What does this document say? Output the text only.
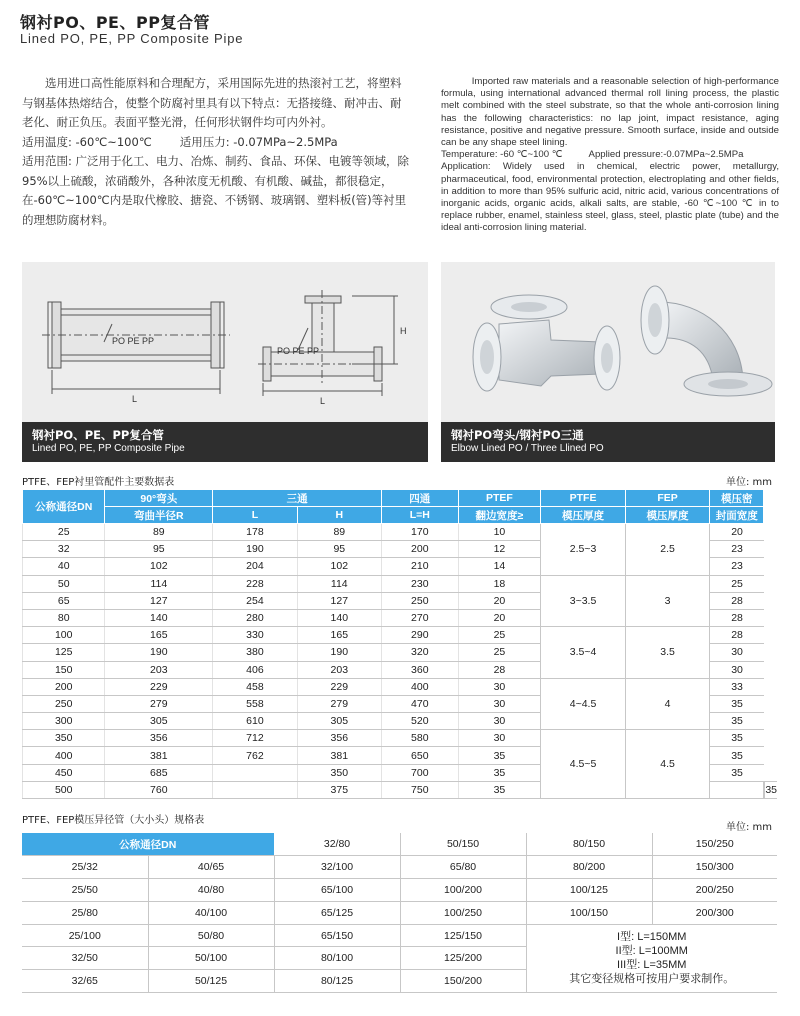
钢衬PO、PE、PP复合管
Lined PO, PE, PP Composite Pipe

选用进口高性能原料和合理配方，采用国际先进的热滚衬工艺，将塑料与钢基体热熔结合，使整个防腐衬里具有以下特点：无搭接缝、耐冲击、耐老化、耐正负压。表面平整光滑，任何形状钢件均可内外衬。

适用温度: -60℃~100℃ 适用压力: -0.07MPa~2.5MPa

适用范围: 广泛用于化工、电力、冶炼、制药、食品、环保、电镀等领域，除95%以上硫酸，浓硝酸外，各种浓度无机酸、有机酸、碱盐，都很稳定，在-60℃~100℃内是取代橡胶、搪瓷、不锈钢、玻璃钢、塑料板(管)等衬里的理想防腐材料。

Imported raw materials and a reasonable selection of high-performance formula, using international advanced thermal roll lining process, the plastic melt combined with the steel substrate, so that the whole anti-corrosion lining has the following characteristics: no lap joint, impact resistance, aging resistance, positive and negative pressure. Smooth surface, inside and outside can be any shape steel lining.

Temperature: -60 ℃~100 ℃	Applied pressure:-0.07MPa~2.5MPa

Application: Widely used in chemical, electric power, metallurgy, pharmaceutical, food, environmental protection, electroplating and other fields, in addition to more than 95% sulfuric acid, nitric acid, various concentrations of inorganic acids, organic acids, alkali salts, are stable, -60 ℃~100 ℃ in to replace rubber, enamel, stainless steel, glass, steel, plastic plate (tube) and the ideal anti-corrosion lining material.

PO PE PP
PO PE PP
L	L
H
钢衬PO、PE、PP复合管
Lined PO, PE, PP Composite Pipe
钢衬PO弯头/钢衬PO三通
Elbow Lined PO / Three Llined PO
PTFE、FEP衬里管配件主要数据表	单位: mm
公称通径DN	90°弯头	三通		四通	PTEF	PTFE	FEP	模压密	
	弯曲半径R	L	H	L=H	翻边宽度≥	模压厚度	模压厚度	封面宽度	
25	89	178	89	170	10	2.5~3	2.5	20	
32	95	190	95	200	12			23	
40	102	204	102	210	14			23	
50	114	228	114	230	18	3~3.5	3	25	
65	127	254	127	250	20			28	
80	140	280	140	270	20			28	
100	165	330	165	290	25	3.5~4	3.5	28	
125	190	380	190	320	25			30	
150	203	406	203	360	28			30	
200	229	458	229	400	30	4~4.5	4	33	
250	279	558	279	470	30			35	
300	305	610	305	520	30			35	
350	356	712	356	580	30	4.5~5	4.5	35	
400	381	762	381	650	35			35	
450	685		350	700	35			35	
500	760		375	750	35				35
PTFE、FEP模压异径管（大小头）规格表
单位: mm
公称通径DN		32/80	50/150	80/150	150/250
25/32	40/65	32/100	65/80	80/200	150/300
25/50	40/80	65/100	100/200	100/125	200/250
25/80	40/100	65/125	100/250	100/150	200/300
25/100	50/80	65/150	125/150	I型: L=150MM
II型: L=100MM
III型: L=35MM
其它变径规格可按用户要求制作。	

32/50	50/100	80/100	125/200		
32/65	50/125	80/125	150/200		
